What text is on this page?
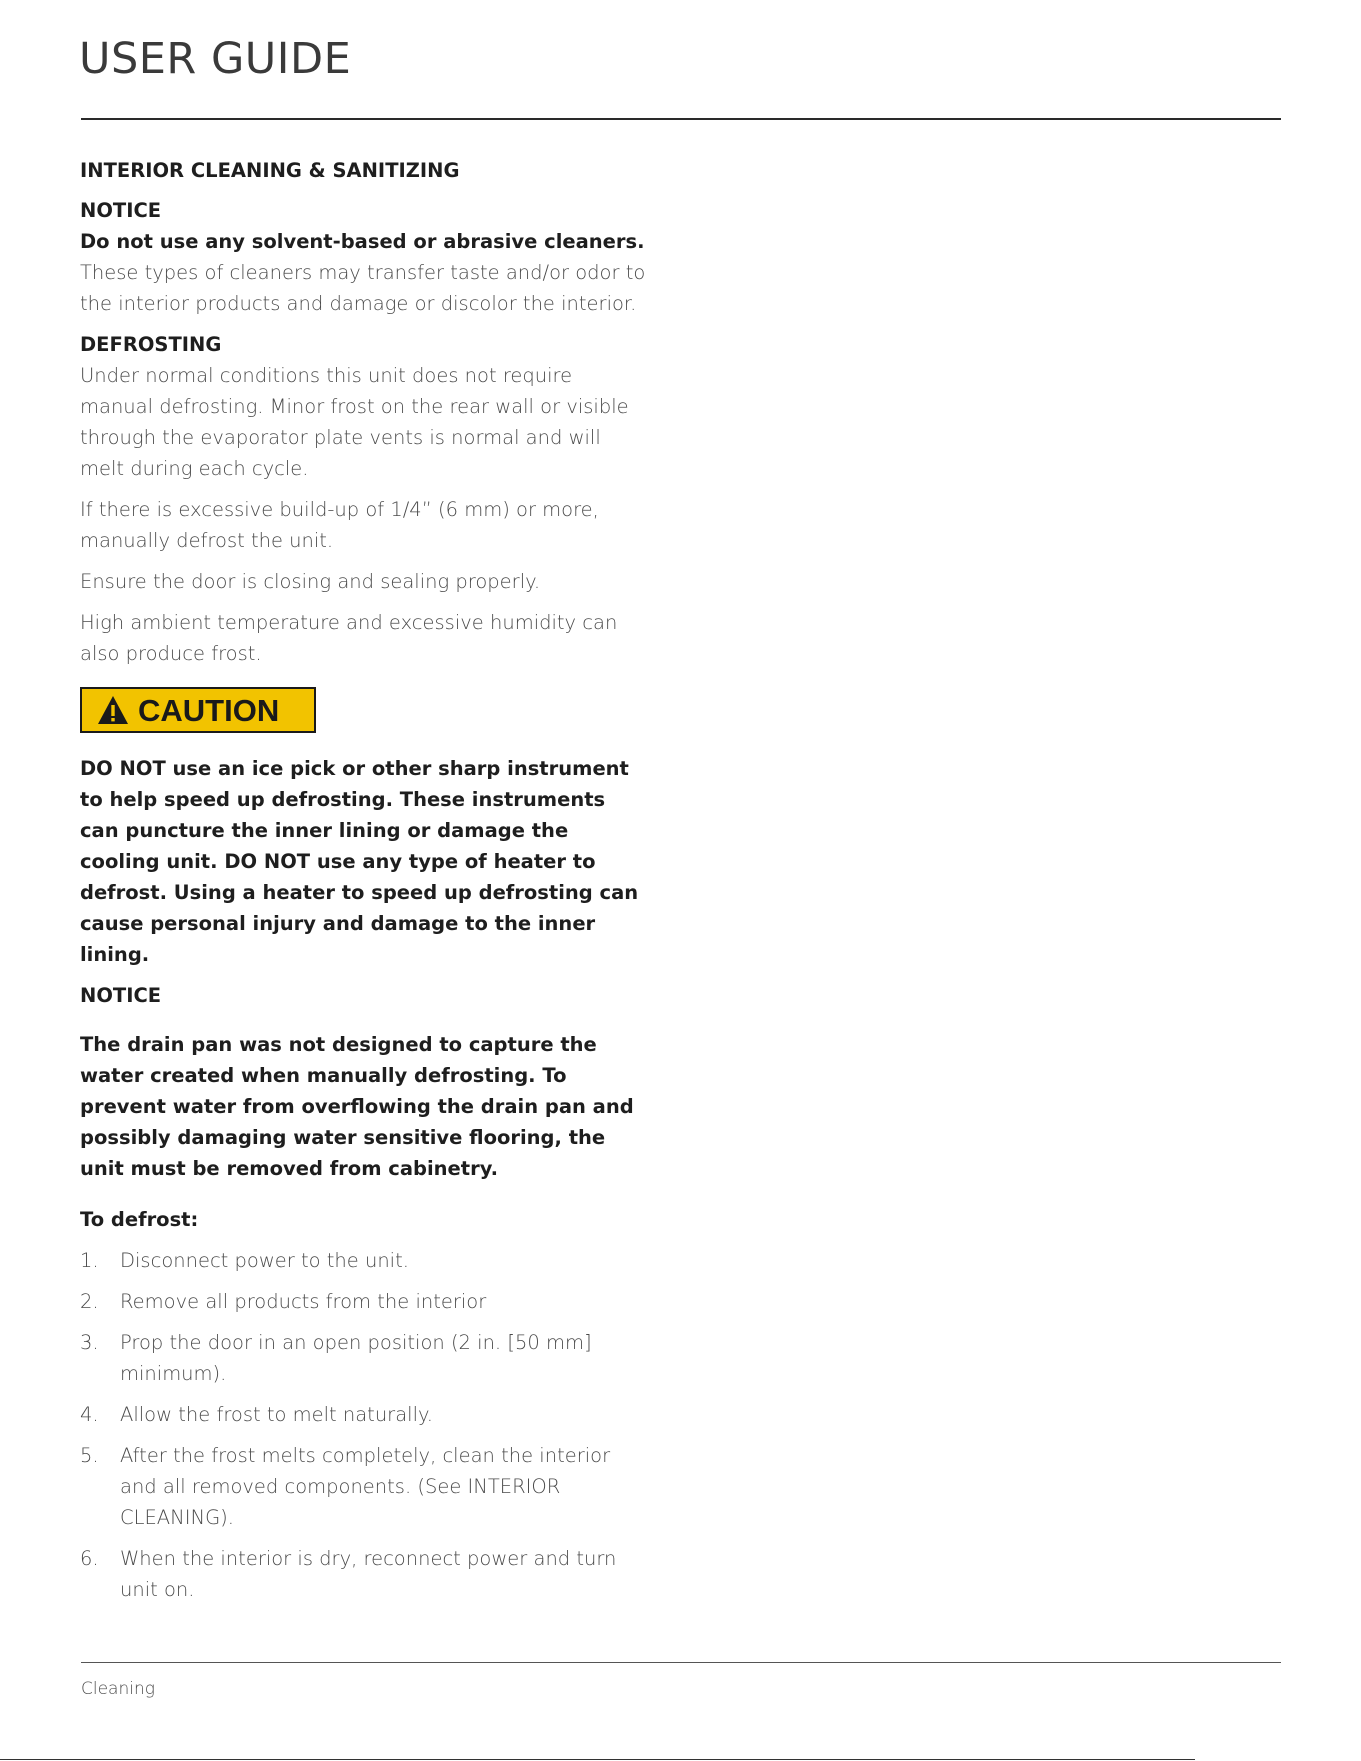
USER GUIDE

INTERIOR CLEANING & SANITIZING

NOTICE

Do not use any solvent-based or abrasive cleaners. These types of cleaners may transfer taste and/or odor to the interior products and damage or discolor the interior.

DEFROSTING

Under normal conditions this unit does not require manual defrosting. Minor frost on the rear wall or visible through the evaporator plate vents is normal and will melt during each cycle.

If there is excessive build-up of 1/4” (6 mm) or more, manually defrost the unit.

Ensure the door is closing and sealing properly.

High ambient temperature and excessive humidity can also produce frost.

CAUTION

DO NOT use an ice pick or other sharp instrument to help speed up defrosting. These instruments can puncture the inner lining or damage the cooling unit. DO NOT use any type of heater to defrost. Using a heater to speed up defrosting can cause personal injury and damage to the inner lining.

NOTICE

The drain pan was not designed to capture the water created when manually defrosting. To prevent water from overflowing the drain pan and possibly damaging water sensitive flooring, the unit must be removed from cabinetry.

To defrost:

1.	Disconnect power to the unit.
2.	Remove all products from the interior
3.	Prop the door in an open position (2 in. [50 mm] minimum).
4.	Allow the frost to melt naturally.
5.	After the frost melts completely, clean the interior and all removed components. (See INTERIOR CLEANING).
6.	When the interior is dry, reconnect power and turn unit on.
Cleaning
